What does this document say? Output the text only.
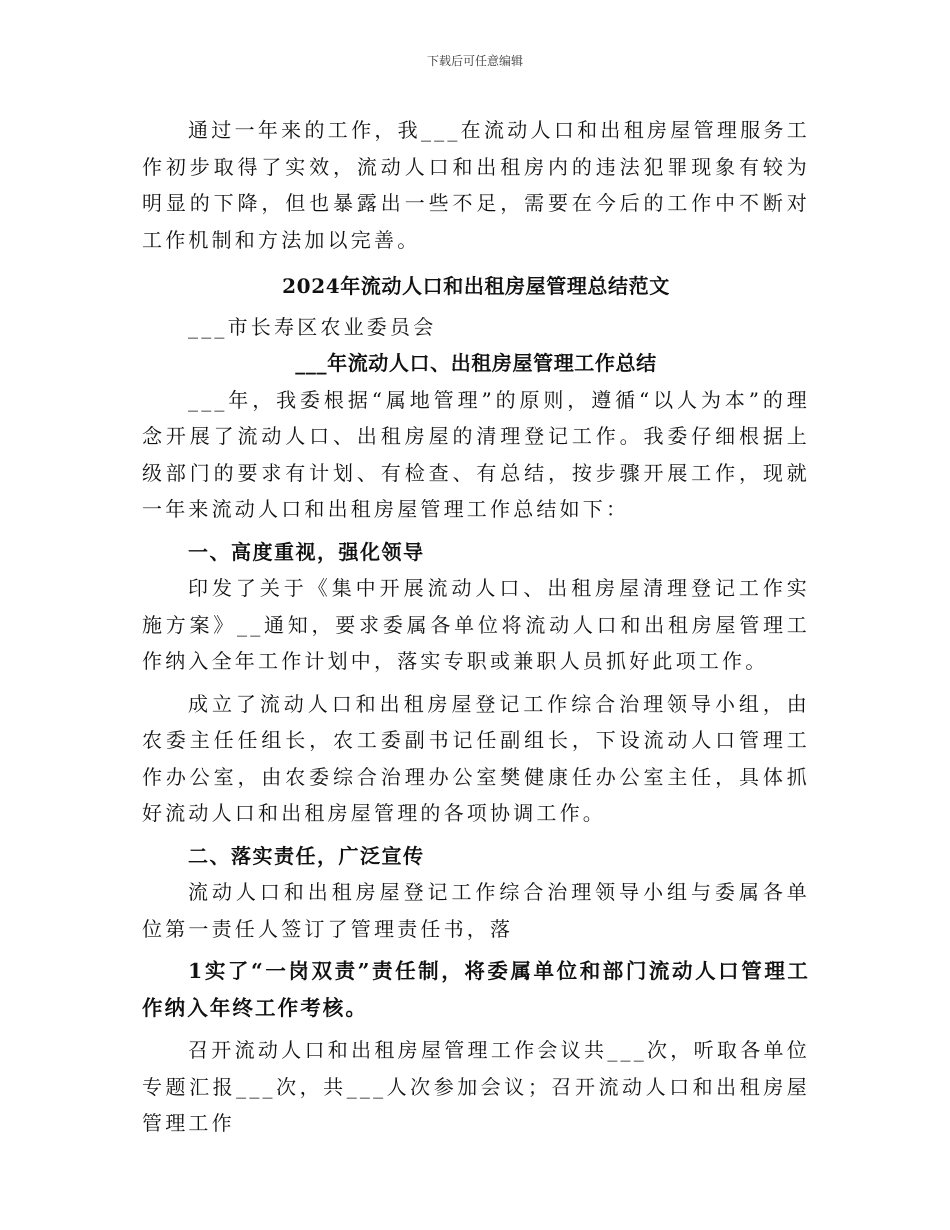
下载后可任意编辑

通过一年来的工作，我___在流动人口和出租房屋管理服务工作初步取得了实效，流动人口和出租房内的违法犯罪现象有较为明显的下降，但也暴露出一些不足，需要在今后的工作中不断对工作机制和方法加以完善。

2024年流动人口和出租房屋管理总结范文

___市长寿区农业委员会

___年流动人口、出租房屋管理工作总结

___年，我委根据“属地管理”的原则，遵循“以人为本”的理念开展了流动人口、出租房屋的清理登记工作。我委仔细根据上级部门的要求有计划、有检查、有总结，按步骤开展工作，现就一年来流动人口和出租房屋管理工作总结如下：

一、高度重视，强化领导

印发了关于《集中开展流动人口、出租房屋清理登记工作实施方案》__通知，要求委属各单位将流动人口和出租房屋管理工作纳入全年工作计划中，落实专职或兼职人员抓好此项工作。

成立了流动人口和出租房屋登记工作综合治理领导小组，由农委主任任组长，农工委副书记任副组长，下设流动人口管理工作办公室，由农委综合治理办公室樊健康任办公室主任，具体抓好流动人口和出租房屋管理的各项协调工作。

二、落实责任，广泛宣传

流动人口和出租房屋登记工作综合治理领导小组与委属各单位第一责任人签订了管理责任书，落

1实了“一岗双责”责任制，将委属单位和部门流动人口管理工作纳入年终工作考核。

召开流动人口和出租房屋管理工作会议共___次，听取各单位专题汇报___次，共___人次参加会议；召开流动人口和出租房屋管理工作
